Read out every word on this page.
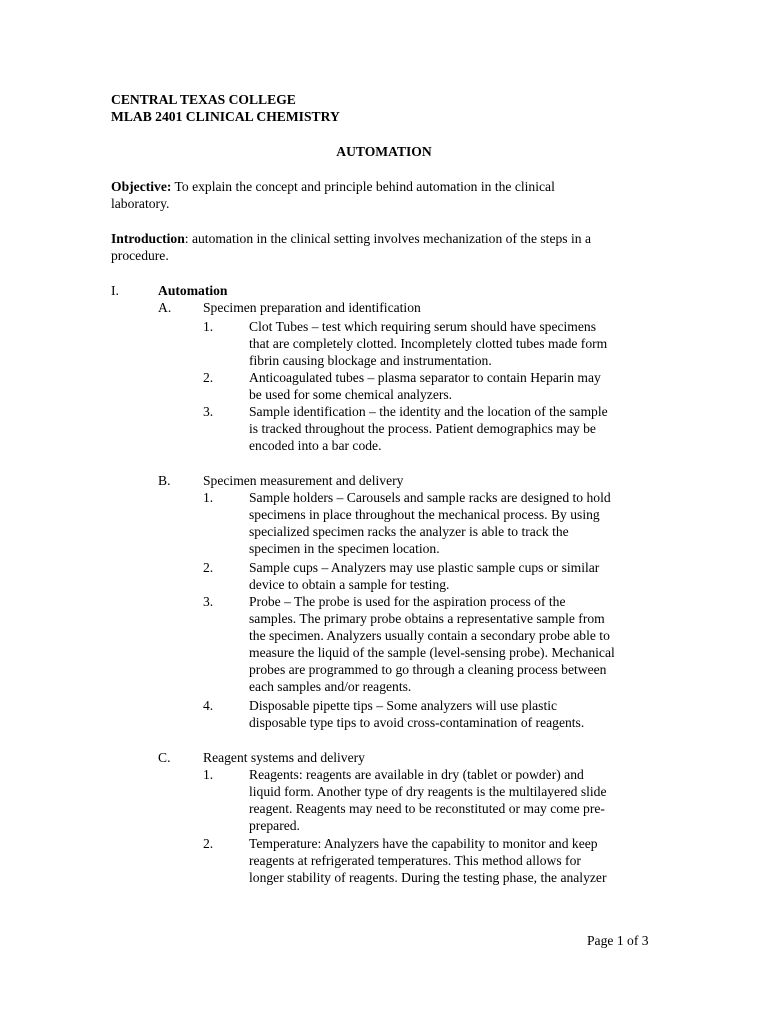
CENTRAL TEXAS COLLEGE
MLAB 2401 CLINICAL CHEMISTRY
AUTOMATION
Objective: To explain the concept and principle behind automation in the clinical
laboratory.
Introduction: automation in the clinical setting involves mechanization of the steps in a
procedure.
I.	Automation
A. Specimen preparation and identification
1.	Clot Tubes – test which requiring serum should have specimens
that are completely clotted. Incompletely clotted tubes made form
fibrin causing blockage and instrumentation.
2.	Anticoagulated tubes – plasma separator to contain Heparin may
be used for some chemical analyzers.
3.	Sample identification – the identity and the location of the sample
is tracked throughout the process. Patient demographics may be
encoded into a bar code.
B. Specimen measurement and delivery
1.	Sample holders – Carousels and sample racks are designed to hold
specimens in place throughout the mechanical process. By using
specialized specimen racks the analyzer is able to track the
specimen in the specimen location.
2.	Sample cups – Analyzers may use plastic sample cups or similar
device to obtain a sample for testing.
3.	Probe – The probe is used for the aspiration process of the
samples. The primary probe obtains a representative sample from
the specimen. Analyzers usually contain a secondary probe able to
measure the liquid of the sample (level-sensing probe). Mechanical
probes are programmed to go through a cleaning process between
each samples and/or reagents.
4.	Disposable pipette tips – Some analyzers will use plastic
disposable type tips to avoid cross-contamination of reagents.
C. Reagent systems and delivery
1.	Reagents: reagents are available in dry (tablet or powder) and
liquid form. Another type of dry reagents is the multilayered slide
reagent. Reagents may need to be reconstituted or may come pre-
prepared.
2.	Temperature: Analyzers have the capability to monitor and keep
reagents at refrigerated temperatures. This method allows for
longer stability of reagents. During the testing phase, the analyzer
Page 1 of 3
